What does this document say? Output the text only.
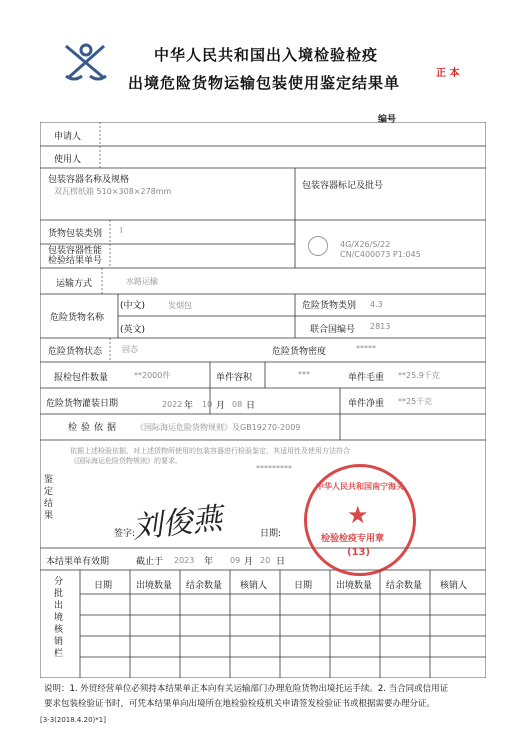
中华人民共和国出入境检验检疫
出境危险货物运输包装使用鉴定结果单
正 本
编号
申请人
使用人
包装容器名称及规格
双瓦楞纸箱 510×308×278mm
包装容器标记及批号
货物包装类别 I
包装容器性能检验结果单号
4G/X26/S/22
CN/C400073 P1:045
运输方式	水路运输
危险货物名称
(中文)	发烟包
(英文)
危险货物类别 4.3
联合国编号 2813
危险货物状态 固态	危险货物密度	*****
报检包件数量	**2000件	单件容积	***	单件毛重 **25.9千克
危险货物灌装日期	2022 年 10 月 08 日	单件净重 **25千克
检验依据 《国际海运危险货物规则》及GB19270-2009
鉴定结果
依据上述检验依据，对上述货物所使用的包装容器进行检验鉴定，其适用性及使用方法符合
《国际海运危险货物规则》的要求。
*********
签字:
刘俊燕	日期:
中华人民共和国南宁海关
★
检验检疫专用章
(13)
本结果单有效期	截止于 2023 年 09 月 20 日
分批出境核销栏
日期	出境数量 结余数量 核销人	日期	出境数量 结余数量 核销人
说明：1. 外贸经营单位必须持本结果单正本向有关运输部门办理危险货物出境托运手续。2. 当合同或信用证
要求包装检验证书时，可凭本结果单向出境所在地检验检疫机关申请签发检验证书或根据需要办理分证。
[3-3(2018.4.20)*1]
